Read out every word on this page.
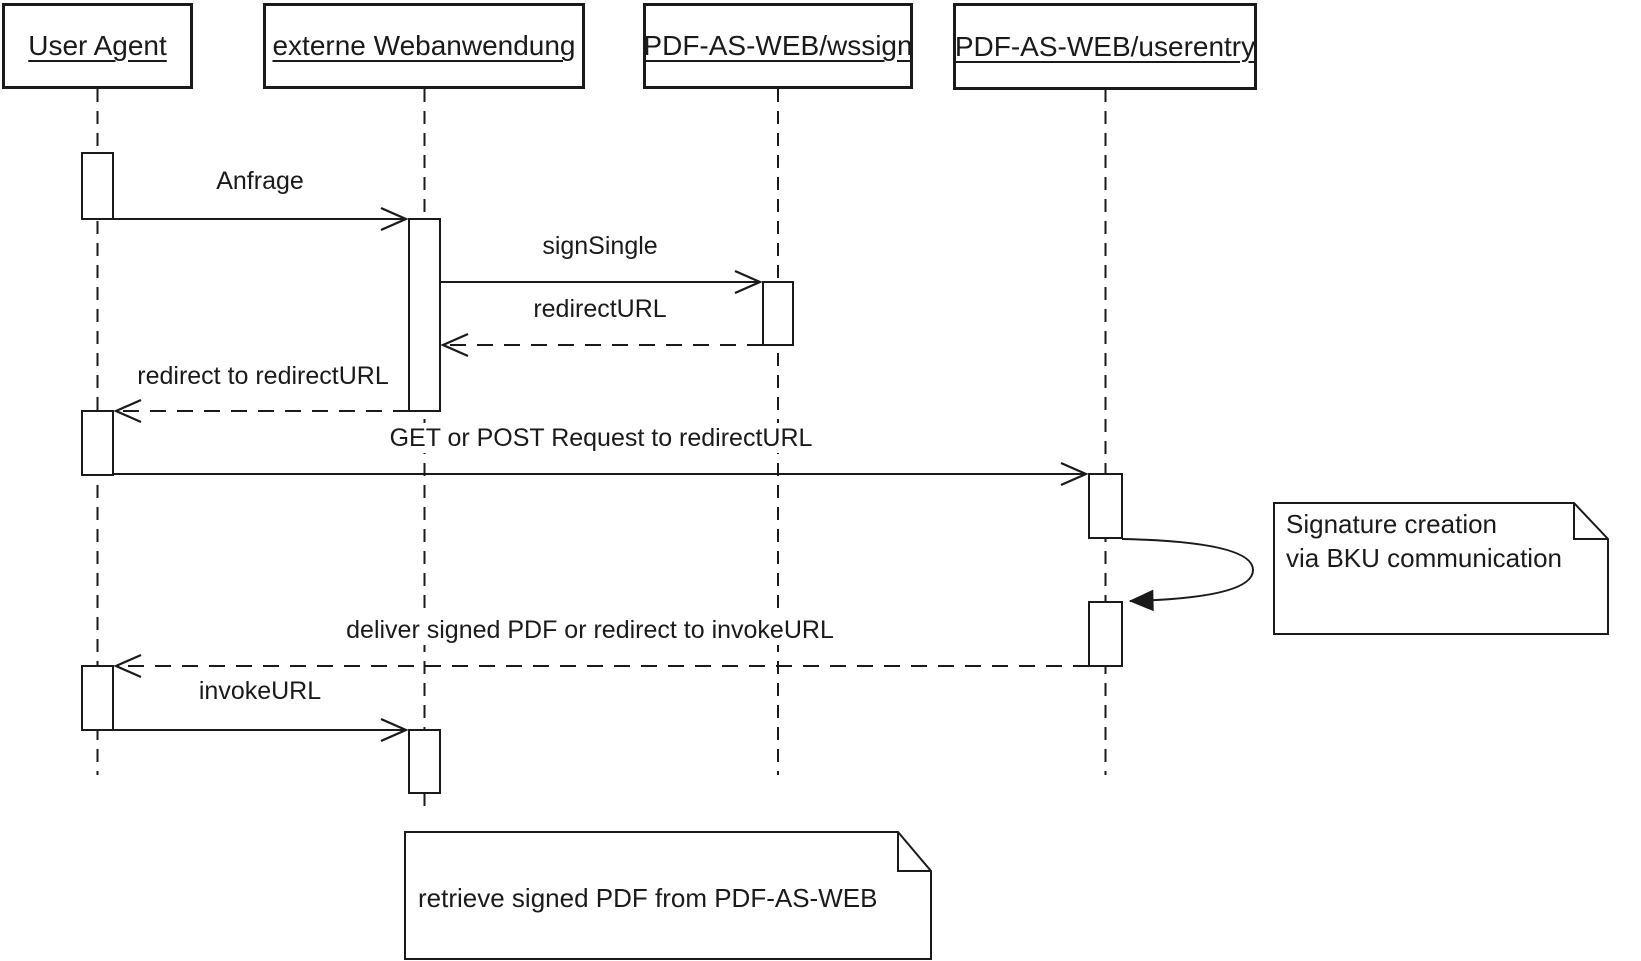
User Agent	externe Webanwendung PDF-AS-WEB/wssign PDF-AS-WEB/userentry
Anfrage
signSingle
redirectURL
redirect to redirectURL
GET or POST Request to redirectURL
deliver signed PDF or redirect to invokeURL
invokeURL
Signature creation
via BKU communication
retrieve signed PDF from PDF-AS-WEB
